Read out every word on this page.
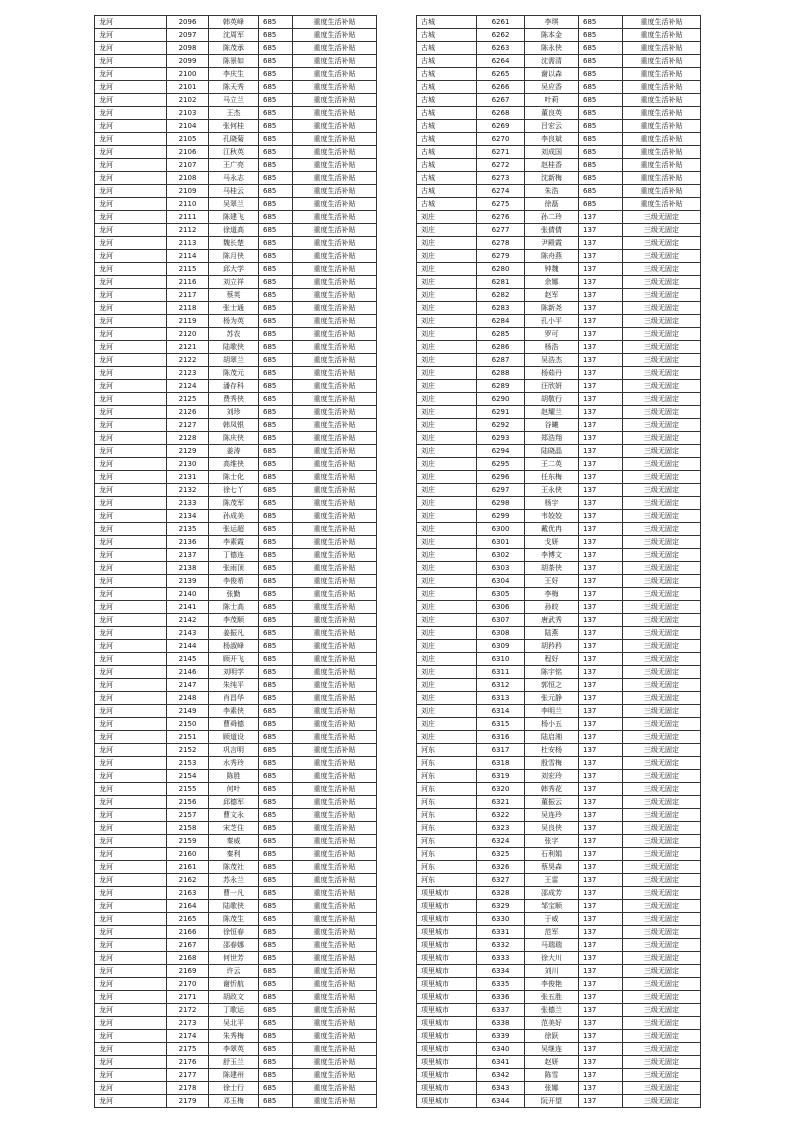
龙河	2096	韩英峰	685	重度生活补贴
龙河	2097	沈周军	685	重度生活补贴
龙河	2098	陈茂承	685	重度生活补贴
龙河	2099	陈景如	685	重度生活补贴
龙河	2100	李庆生	685	重度生活补贴
龙河	2101	陈天秀	685	重度生活补贴
龙河	2102	马立兰	685	重度生活补贴
龙河	2103	王杰	685	重度生活补贴
龙河	2104	张何桂	685	重度生活补贴
龙河	2105	孔晓菊	685	重度生活补贴
龙河	2106	江秋英	685	重度生活补贴
龙河	2107	王广亮	685	重度生活补贴
龙河	2108	马永志	685	重度生活补贴
龙河	2109	马桂云	685	重度生活补贴
龙河	2110	吴翠兰	685	重度生活补贴
龙河	2111	陈建飞	685	重度生活补贴
龙河	2112	徐道高	685	重度生活补贴
龙河	2113	魏长楚	685	重度生活补贴
龙河	2114	陈月侠	685	重度生活补贴
龙河	2115	邱大学	685	重度生活补贴
龙河	2116	刘立祥	685	重度生活补贴
龙河	2117	蔡英	685	重度生活补贴
龙河	2118	张士通	685	重度生活补贴
龙河	2119	杨为英	685	重度生活补贴
龙河	2120	苏农	685	重度生活补贴
龙河	2121	陆歌侠	685	重度生活补贴
龙河	2122	胡翠兰	685	重度生活补贴
龙河	2123	陈茂元	685	重度生活补贴
龙河	2124	潘存科	685	重度生活补贴
龙河	2125	费秀侠	685	重度生活补贴
龙河	2126	刘珍	685	重度生活补贴
龙河	2127	韩凤银	685	重度生活补贴
龙河	2128	陈庆侠	685	重度生活补贴
龙河	2129	姜涛	685	重度生活补贴
龙河	2130	高维侠	685	重度生活补贴
龙河	2131	陈士化	685	重度生活补贴
龙河	2132	徐七丫	685	重度生活补贴
龙河	2133	陈茂军	685	重度生活补贴
龙河	2134	孙成美	685	重度生活补贴
龙河	2135	张运超	685	重度生活补贴
龙河	2136	李素霞	685	重度生活补贴
龙河	2137	丁德连	685	重度生活补贴
龙河	2138	张雨顶	685	重度生活补贴
龙河	2139	李俊希	685	重度生活补贴
龙河	2140	张勤	685	重度生活补贴
龙河	2141	陈士高	685	重度生活补贴
龙河	2142	李茂顺	685	重度生活补贴
龙河	2143	姜振凡	685	重度生活补贴
龙河	2144	杨淑峰	685	重度生活补贴
龙河	2145	顾开飞	685	重度生活补贴
龙河	2146	刘明学	685	重度生活补贴
龙河	2147	朱纯平	685	重度生活补贴
龙河	2148	肖昌华	685	重度生活补贴
龙河	2149	李素侠	685	重度生活补贴
龙河	2150	曹舜德	685	重度生活补贴
龙河	2151	顾道设	685	重度生活补贴
龙河	2152	巩言明	685	重度生活补贴
龙河	2153	水秀玲	685	重度生活补贴
龙河	2154	陈胜	685	重度生活补贴
龙河	2155	何叶	685	重度生活补贴
龙河	2156	邱德军	685	重度生活补贴
龙河	2157	曹文永	685	重度生活补贴
龙河	2158	宋芝住	685	重度生活补贴
龙河	2159	秦威	685	重度生活补贴
龙河	2160	秦利	685	重度生活补贴
龙河	2161	陈茂社	685	重度生活补贴
龙河	2162	苏永兰	685	重度生活补贴
龙河	2163	曹一凡	685	重度生活补贴
龙河	2164	陆歌侠	685	重度生活补贴
龙河	2165	陈茂生	685	重度生活补贴
龙河	2166	徐恒春	685	重度生活补贴
龙河	2167	邵春娜	685	重度生活补贴
龙河	2168	何世芳	685	重度生活补贴
龙河	2169	许云	685	重度生活补贴
龙河	2170	谢忻航	685	重度生活补贴
龙河	2171	胡政文	685	重度生活补贴
龙河	2172	丁歌运	685	重度生活补贴
龙河	2173	吴北平	685	重度生活补贴
龙河	2174	朱秀梅	685	重度生活补贴
龙河	2175	李翠英	685	重度生活补贴
龙河	2176	舒玉兰	685	重度生活补贴
龙河	2177	陈建州	685	重度生活补贴
龙河	2178	徐士行	685	重度生活补贴
龙河	2179	邓玉梅	685	重度生活补贴
古城	6261	李琪	685	重度生活补贴
古城	6262	陈本金	685	重度生活补贴
古城	6263	陈永侠	685	重度生活补贴
古城	6264	沈需清	685	重度生活补贴
古城	6265	谢以森	685	重度生活补贴
古城	6266	吴应香	685	重度生活补贴
古城	6267	叶莉	685	重度生活补贴
古城	6268	董良英	685	重度生活补贴
古城	6269	吕宏云	685	重度生活补贴
古城	6270	李良斌	685	重度生活补贴
古城	6271	刘成国	685	重度生活补贴
古城	6272	赵桂香	685	重度生活补贴
古城	6273	沈新梅	685	重度生活补贴
古城	6274	朱浩	685	重度生活补贴
古城	6275	徐磊	685	重度生活补贴
刘庄	6276	孙二玲	137	三级无固定
刘庄	6277	张倩倩	137	三级无固定
刘庄	6278	尹殿霞	137	三级无固定
刘庄	6279	陈舟燕	137	三级无固定
刘庄	6280	钟魏	137	三级无固定
刘庄	6281	余娜	137	三级无固定
刘庄	6282	赵军	137	三级无固定
刘庄	6283	陈新尧	137	三级无固定
刘庄	6284	孔小平	137	三级无固定
刘庄	6285	罗可	137	三级无固定
刘庄	6286	杨浩	137	三级无固定
刘庄	6287	吴浩杰	137	三级无固定
刘庄	6288	杨茹丹	137	三级无固定
刘庄	6289	汪欣妍	137	三级无固定
刘庄	6290	胡敬行	137	三级无固定
刘庄	6291	赵耀兰	137	三级无固定
刘庄	6292	谷曦	137	三级无固定
刘庄	6293	郑浩翔	137	三级无固定
刘庄	6294	陆晓晶	137	三级无固定
刘庄	6295	王二英	137	三级无固定
刘庄	6296	任东梅	137	三级无固定
刘庄	6297	王永侠	137	三级无固定
刘庄	6298	杨宇	137	三级无固定
刘庄	6299	韦姣姣	137	三级无固定
刘庄	6300	戴优冉	137	三级无固定
刘庄	6301	戈妍	137	三级无固定
刘庄	6302	李博文	137	三级无固定
刘庄	6303	胡茶侠	137	三级无固定
刘庄	6304	王好	137	三级无固定
刘庄	6305	李梅	137	三级无固定
刘庄	6306	孙皎	137	三级无固定
刘庄	6307	唐武秀	137	三级无固定
刘庄	6308	陆燕	137	三级无固定
刘庄	6309	胡矜矜	137	三级无固定
刘庄	6310	程好	137	三级无固定
刘庄	6311	陈宇铭	137	三级无固定
刘庄	6312	郭恒之	137	三级无固定
刘庄	6313	张元静	137	三级无固定
刘庄	6314	李明兰	137	三级无固定
刘庄	6315	杨小五	137	三级无固定
刘庄	6316	陆启湘	137	三级无固定
河东	6317	杜安杨	137	三级无固定
河东	6318	殷雪梅	137	三级无固定
河东	6319	刘宏玲	137	三级无固定
河东	6320	韩秀花	137	三级无固定
河东	6321	董振云	137	三级无固定
河东	6322	吴连玲	137	三级无固定
河东	6323	吴良侠	137	三级无固定
河东	6324	张字	137	三级无固定
河东	6325	石利娟	137	三级无固定
河东	6326	蔡昊森	137	三级无固定
河东	6327	王雷	137	三级无固定
项里城市	6328	邵成芳	137	三级无固定
项里城市	6329	邹宝顺	137	三级无固定
项里城市	6330	于威	137	三级无固定
项里城市	6331	范军	137	三级无固定
项里城市	6332	马瑞瑞	137	三级无固定
项里城市	6333	徐大川	137	三级无固定
项里城市	6334	刘川	137	三级无固定
项里城市	6335	李俊艳	137	三级无固定
项里城市	6336	张五胜	137	三级无固定
项里城市	6337	张德兰	137	三级无固定
项里城市	6338	范美好	137	三级无固定
项里城市	6339	徐跃	137	三级无固定
项里城市	6340	吴继连	137	三级无固定
项里城市	6341	赵妍	137	三级无固定
项里城市	6342	陈雪	137	三级无固定
项里城市	6343	张娜	137	三级无固定
项里城市	6344	阮开望	137	三级无固定
